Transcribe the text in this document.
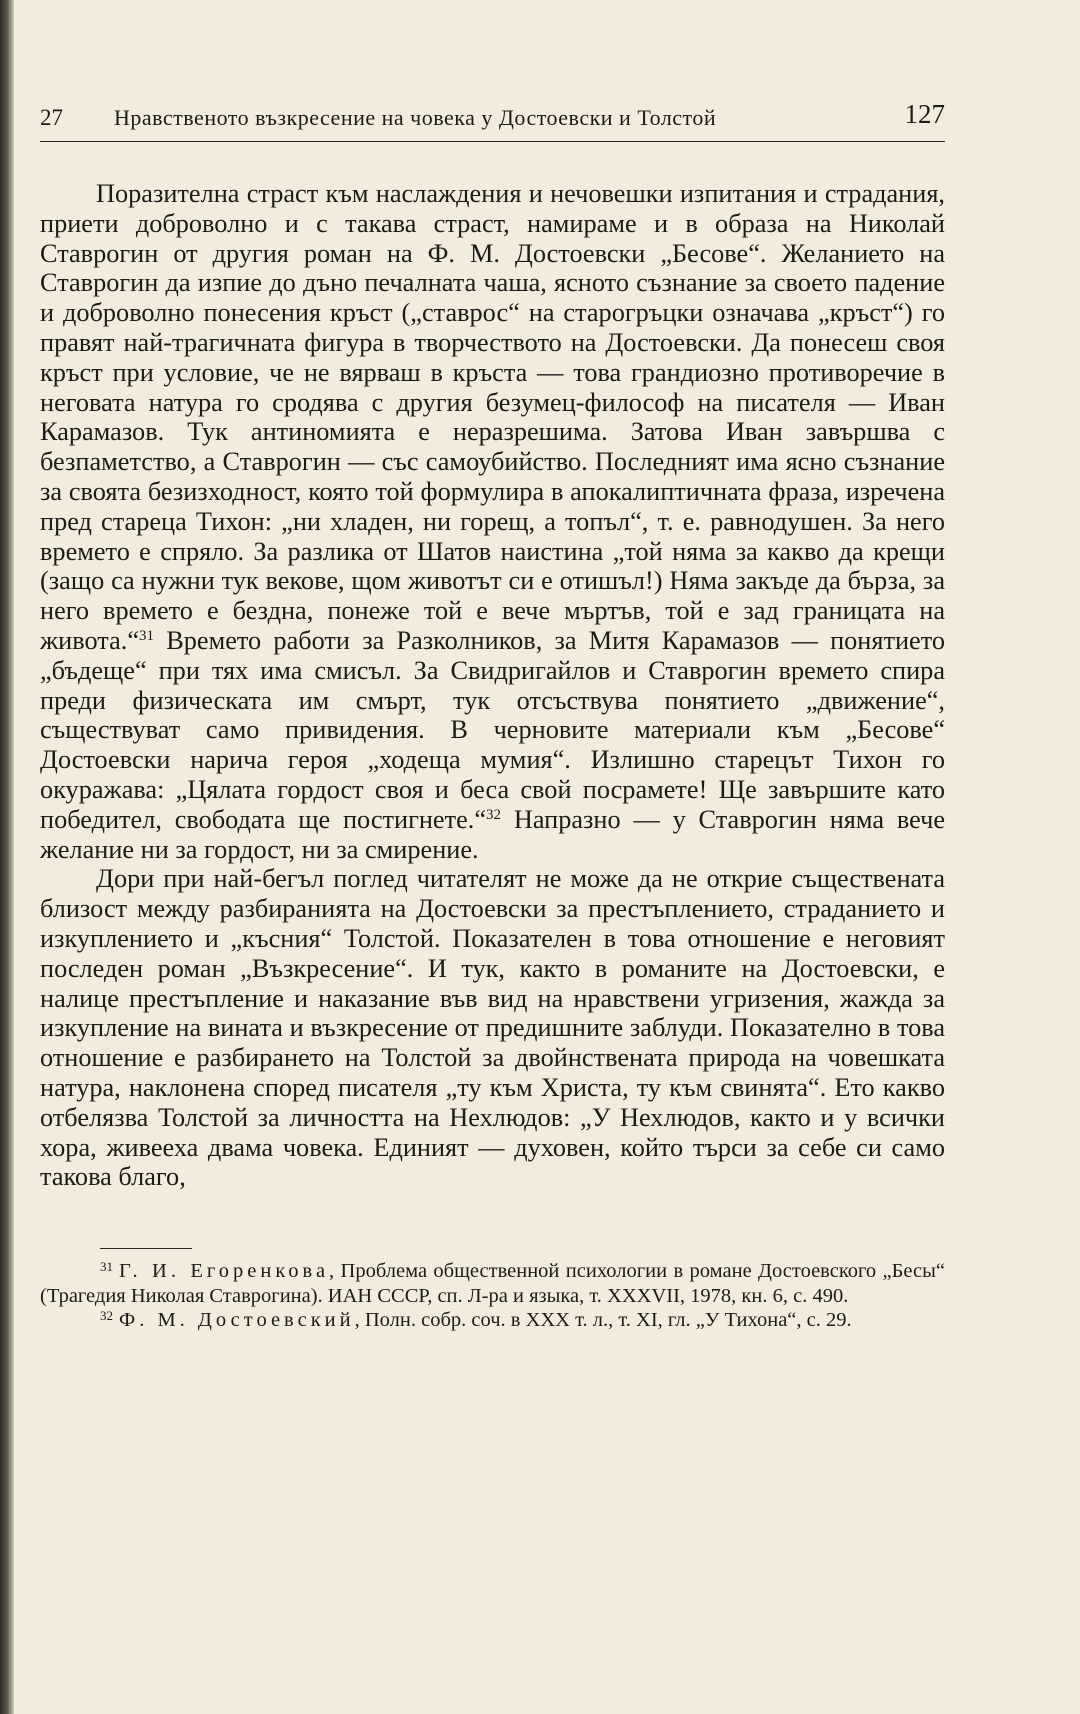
27 Нравственото възкресение на човека у Достоевски и Толстой	127

Поразителна страст към наслаждения и нечовешки изпитания и страдания, приети доброволно и с такава страст, намираме и в образа на Николай Ставрогин от другия роман на Ф. М. Достоевски „Бесове“. Желанието на Ставрогин да изпие до дъно печалната чаша, ясното съзнание за своето падение и доброволно понесения кръст („ставрос“ на старогръцки означава „кръст“) го правят най-трагичната фигура в творчеството на Достоевски. Да понесеш своя кръст при условие, че не вярваш в кръста — това грандиозно противоречие в неговата натура го сродява с другия безумец-философ на писателя — Иван Карамазов. Тук антиномията е неразрешима. Затова Иван завършва с безпаметство, а Ставрогин — със самоубийство. Последният има ясно съзнание за своята безизходност, която той формулира в апокалиптичната фраза, изречена пред стареца Тихон: „ни хладен, ни горещ, а топъл“, т. е. равнодушен. За него времето е спряло. За разлика от Шатов наистина „той няма за какво да крещи (защо са нужни тук векове, щом животът си е отишъл!) Няма закъде да бърза, за него времето е бездна, понеже той е вече мъртъв, той е зад границата на живота.“$^{31}$ Времето работи за Разколников, за Митя Карамазов — понятието „бъдеще“ при тях има смисъл. За Свидригайлов и Ставрогин времето спира преди физическата им смърт, тук отсъствува понятието „движение“, съществуват само привидения. В черновите материали към „Бесове“ Достоевски нарича героя „ходеща мумия“. Излишно старецът Тихон го окуражава: „Цялата гордост своя и беса свой посрамете! Ще завършите като победител, свободата ще постигнете.“$^{32}$ Напразно — у Ставрогин няма вече желание ни за гордост, ни за смирение.

Дори при най-бегъл поглед читателят не може да не открие съществената близост между разбиранията на Достоевски за престъплението, страданието и изкуплението и „късния“ Толстой. Показателен в това отношение е неговият последен роман „Възкресение“. И тук, както в романите на Достоевски, е налице престъпление и наказание във вид на нравствени угризения, жажда за изкупление на вината и възкресение от предишните заблуди. Показателно в това отношение е разбирането на Толстой за двойнствената природа на човешката натура, наклонена според писателя „ту към Христа, ту към свинята“. Ето какво отбелязва Толстой за личността на Нехлюдов: „У Нехлюдов, както и у всички хора, живееха двама човека. Единият — духовен, който търси за себе си само такова благо,

$^{31}$ Г. И. Егоренкова, Проблема общественной психологии в романе Достоевского „Бесы“ (Трагедия Николая Ставрогина). ИАН СССР, сп. Л-ра и языка, т. XXXVII, 1978, кн. 6, с. 490.

$^{32}$ Ф. М. Достоевский, Полн. собр. соч. в XXX т. л., т. XI, гл. „У Тихона“, с. 29.
